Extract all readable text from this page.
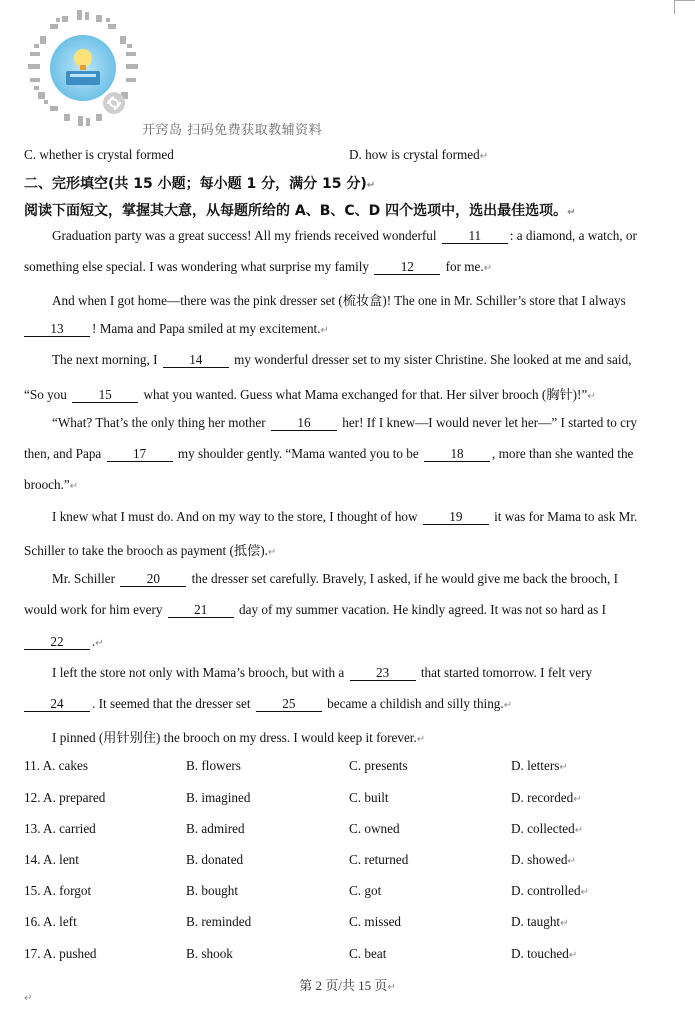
开窍岛 扫码免费获取教辅资料
C. whether is crystal formed	D. how is crystal formed↵
二、完形填空(共 15 小题；每小题 1 分，满分 15 分)↵
阅读下面短文，掌握其大意，从每题所给的 A、B、C、D 四个选项中，选出最佳选项。↵
Graduation party was a great success! All my friends received wonderful 11 : a diamond, a watch, or
something else special. I was wondering what surprise my family 12 for me.↵
And when I got home—there was the pink dresser set (梳妆盒)! The one in Mr. Schiller’s store that I always
13 ! Mama and Papa smiled at my excitement.↵
The next morning, I 14 my wonderful dresser set to my sister Christine. She looked at me and said,
“So you 15 what you wanted. Guess what Mama exchanged for that. Her silver brooch (胸针)!”↵
“What? That’s the only thing her mother 16 her! If I knew—I would never let her—” I started to cry
then, and Papa 17 my shoulder gently. “Mama wanted you to be 18 , more than she wanted the
brooch.”↵
I knew what I must do. And on my way to the store, I thought of how 19 it was for Mama to ask Mr.
Schiller to take the brooch as payment (抵偿).↵
Mr. Schiller 20 the dresser set carefully. Bravely, I asked, if he would give me back the brooch, I
would work for him every 21 day of my summer vacation. He kindly agreed. It was not so hard as I
22 .↵
I left the store not only with Mama’s brooch, but with a 23 that started tomorrow. I felt very
24 . It seemed that the dresser set 25 became a childish and silly thing.↵
I pinned (用针别住) the brooch on my dress. I would keep it forever.↵
11. A. cakes	B. flowers	C. presents	D. letters↵
12. A. prepared	B. imagined	C. built	D. recorded↵
13. A. carried	B. admired	C. owned	D. collected↵
14. A. lent	B. donated	C. returned	D. showed↵
15. A. forgot	B. bought	C. got	D. controlled↵
16. A. left	B. reminded	C. missed	D. taught↵
17. A. pushed	B. shook	C. beat	D. touched↵
第 2 页/共 15 页↵
↵
